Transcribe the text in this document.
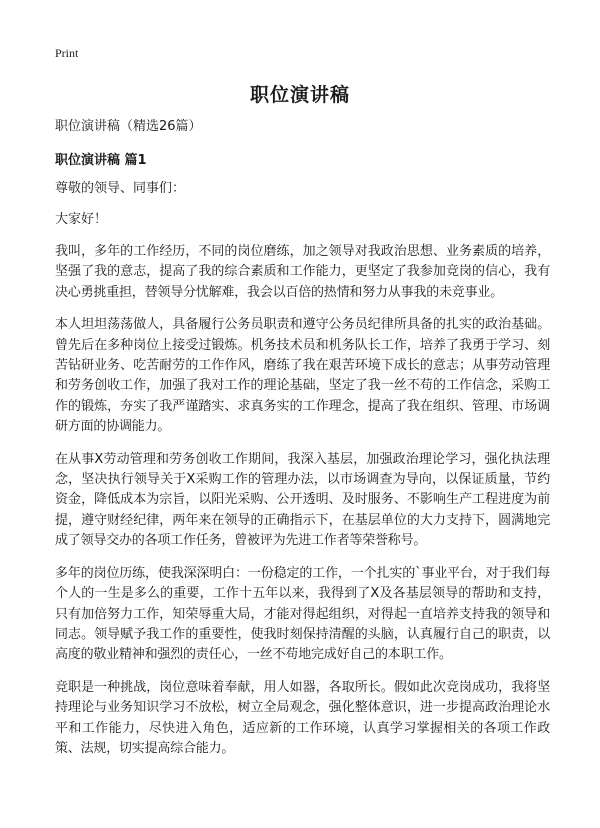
Print
职位演讲稿
职位演讲稿（精选26篇）
职位演讲稿 篇1
尊敬的领导、同事们：
大家好！

我叫，多年的工作经历，不同的岗位磨练，加之领导对我政治思想、业务素质的培养，坚强了我的意志，提高了我的综合素质和工作能力，更坚定了我参加竞岗的信心，我有决心勇挑重担，替领导分忧解难，我会以百倍的热情和努力从事我的未竞事业。

本人坦坦荡荡做人，具备履行公务员职责和遵守公务员纪律所具备的扎实的政治基础。曾先后在多种岗位上接受过锻炼。机务技术员和机务队长工作，培养了我勇于学习、刻苦钻研业务、吃苦耐劳的工作作风，磨练了我在艰苦环境下成长的意志；从事劳动管理和劳务创收工作，加强了我对工作的理论基础，坚定了我一丝不苟的工作信念，采购工作的锻炼，夯实了我严谨踏实、求真务实的工作理念，提高了我在组织、管理、市场调研方面的协调能力。

在从事X劳动管理和劳务创收工作期间，我深入基层，加强政治理论学习，强化执法理念，坚决执行领导关于X采购工作的管理办法，以市场调查为导向，以保证质量，节约资金，降低成本为宗旨，以阳光采购、公开透明、及时服务、不影响生产工程进度为前提，遵守财经纪律，两年来在领导的正确指示下，在基层单位的大力支持下，圆满地完成了领导交办的各项工作任务，曾被评为先进工作者等荣誉称号。

多年的岗位历练，使我深深明白：一份稳定的工作，一个扎实的`事业平台，对于我们每个人的一生是多么的重要，工作十五年以来，我得到了X及各基层领导的帮助和支持，只有加倍努力工作，知荣辱重大局，才能对得起组织，对得起一直培养支持我的领导和同志。领导赋予我工作的重要性，使我时刻保持清醒的头脑，认真履行自己的职责，以高度的敬业精神和强烈的责任心，一丝不苟地完成好自己的本职工作。

竞职是一种挑战，岗位意味着奉献，用人如器，各取所长。假如此次竞岗成功，我将坚持理论与业务知识学习不放松，树立全局观念，强化整体意识，进一步提高政治理论水平和工作能力，尽快进入角色，适应新的工作环境，认真学习掌握相关的各项工作政策、法规，切实提高综合能力。
